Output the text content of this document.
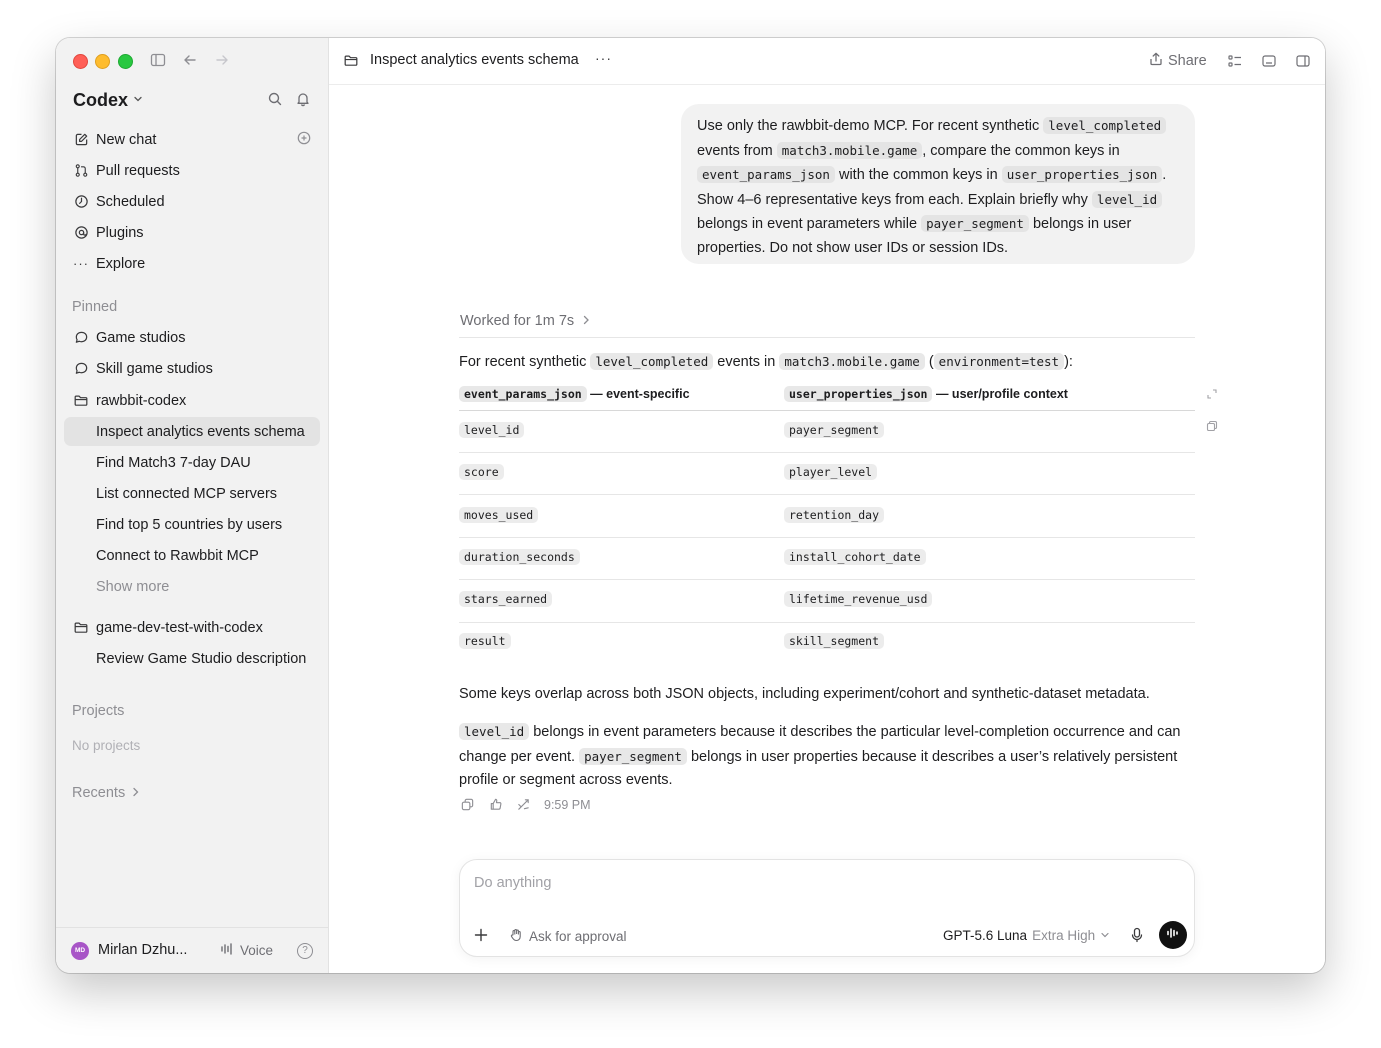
Codex
New chat
Pull requests
Scheduled
Plugins
··· Explore
Pinned
Game studios
Skill game studios
rawbbit-codex
Inspect analytics events schema
Find Match3 7-day DAU
List connected MCP servers
Find top 5 countries by users
Connect to Rawbbit MCP
Show more
game-dev-test-with-codex
Review Game Studio description
Projects
No projects
Recents
MD Mirlan Dzhu...	Voice	?
Inspect analytics events schema ···	Share
Use only the rawbbit-demo MCP. For recent synthetic level_completed events from match3.mobile.game , compare the common keys in event_params_json with the common keys in user_properties_json . Show 4–6 representative keys from each. Explain briefly why level_id belongs in event parameters while payer_segment belongs in user properties. Do not show user IDs or session IDs.
Worked for 1m 7s
For recent synthetic level_completed events in match3.mobile.game ( environment=test ):
event_params_json — event-specific	user_properties_json — user/profile context
level_id	payer_segment
score	player_level
moves_used	retention_day
duration_seconds	install_cohort_date
stars_earned	lifetime_revenue_usd
result	skill_segment
Some keys overlap across both JSON objects, including experiment/cohort and synthetic-dataset metadata.
level_id belongs in event parameters because it describes the particular level-completion occurrence and can change per event. payer_segment belongs in user properties because it describes a user’s relatively persistent profile or segment across events.
9:59 PM
Do anything
Ask for approval	GPT-5.6 Luna Extra High
